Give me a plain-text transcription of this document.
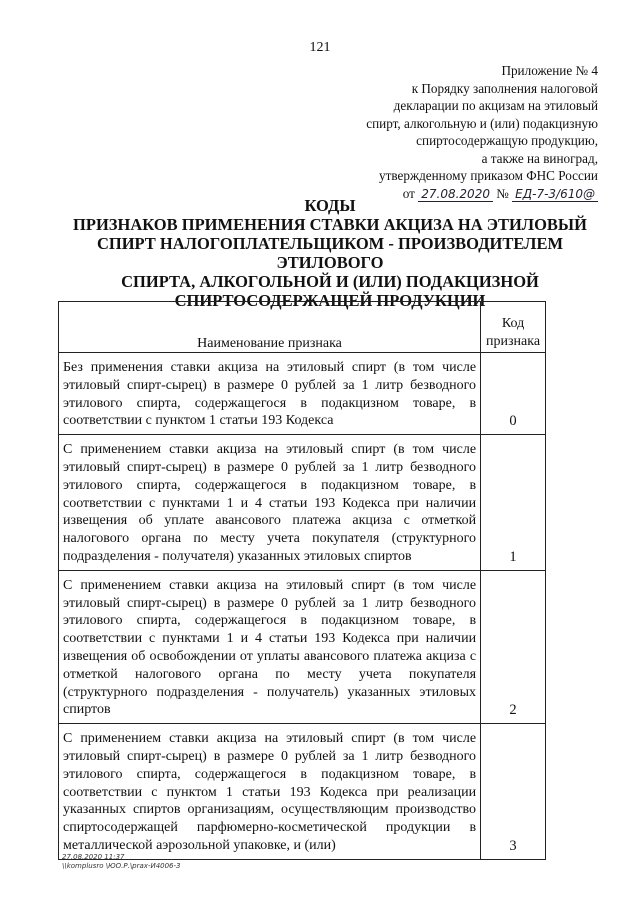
121
Приложение № 4
к Порядку заполнения налоговой
декларации по акцизам на этиловый
спирт, алкогольную и (или) подакцизную
спиртосодержащую продукцию,
а также на виноград,
утвержденному приказом ФНС России
от 27.08.2020 № ЕД-7-3/610@
КОДЫ
ПРИЗНАКОВ ПРИМЕНЕНИЯ СТАВКИ АКЦИЗА НА ЭТИЛОВЫЙ
СПИРТ НАЛОГОПЛАТЕЛЬЩИКОМ - ПРОИЗВОДИТЕЛЕМ ЭТИЛОВОГО
СПИРТА, АЛКОГОЛЬНОЙ И (ИЛИ) ПОДАКЦИЗНОЙ
СПИРТОСОДЕРЖАЩЕЙ ПРОДУКЦИИ
Наименование признака	Код
признака

Без применения ставки акциза на этиловый спирт (в том числе этиловый спирт-сырец) в размере 0 рублей за 1 литр безводного этилового спирта, содержащегося в подакцизном товаре, в соответствии с пунктом 1 статьи 193 Кодекса	0
С применением ставки акциза на этиловый спирт (в том числе этиловый спирт-сырец) в размере 0 рублей за 1 литр безводного этилового спирта, содержащегося в подакцизном товаре, в соответствии с пунктами 1 и 4 статьи 193 Кодекса при наличии извещения об уплате авансового платежа акциза с отметкой налогового органа по месту учета покупателя (структурного подразделения - получателя) указанных этиловых спиртов	1
С применением ставки акциза на этиловый спирт (в том числе этиловый спирт-сырец) в размере 0 рублей за 1 литр безводного этилового спирта, содержащегося в подакцизном товаре, в соответствии с пунктами 1 и 4 статьи 193 Кодекса при наличии извещения об освобождении от уплаты авансового платежа акциза с отметкой налогового органа по месту учета покупателя (структурного подразделения - получатель) указанных этиловых спиртов	2
С применением ставки акциза на этиловый спирт (в том числе этиловый спирт-сырец) в размере 0 рублей за 1 литр безводного этилового спирта, содержащегося в подакцизном товаре, в соответствии с пунктом 1 статьи 193 Кодекса при реализации указанных спиртов организациям, осуществляющим производство спиртосодержащей парфюмерно-косметической продукции в металлической аэрозольной упаковке, и (или)	3
27.08.2020 11:37
\\komplusro \ЮО.Р.\prax-И4006-3
